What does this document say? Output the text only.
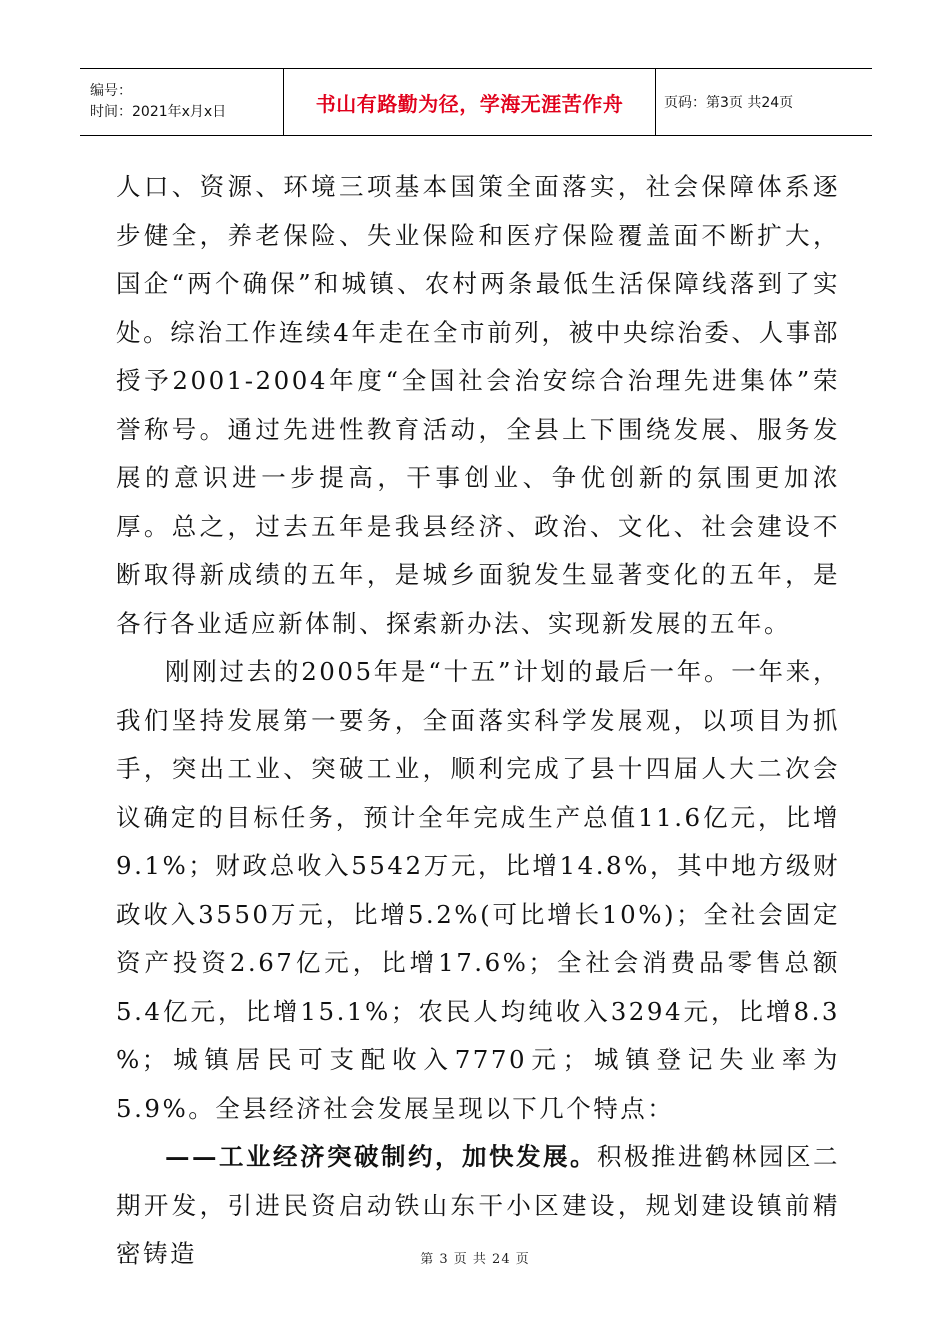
编号：
时间：2021年x月x日	书山有路勤为径，学海无涯苦作舟	页码：第3页 共24页

人口、资源、环境三项基本国策全面落实，社会保障体系逐步健全，养老保险、失业保险和医疗保险覆盖面不断扩大，国企“两个确保”和城镇、农村两条最低生活保障线落到了实处。综治工作连续4年走在全市前列，被中央综治委、人事部授予2001-2004年度“全国社会治安综合治理先进集体”荣誉称号。通过先进性教育活动，全县上下围绕发展、服务发展的意识进一步提高，干事创业、争优创新的氛围更加浓厚。总之，过去五年是我县经济、政治、文化、社会建设不断取得新成绩的五年，是城乡面貌发生显著变化的五年，是各行各业适应新体制、探索新办法、实现新发展的五年。

刚刚过去的2005年是“十五”计划的最后一年。一年来，我们坚持发展第一要务，全面落实科学发展观，以项目为抓手，突出工业、突破工业，顺利完成了县十四届人大二次会议确定的目标任务，预计全年完成生产总值11.6亿元，比增9.1%；财政总收入5542万元，比增14.8%，其中地方级财政收入3550万元，比增5.2%(可比增长10%)；全社会固定资产投资2.67亿元，比增17.6%；全社会消费品零售总额5.4亿元，比增15.1%；农民人均纯收入3294元，比增8.3 %；城镇居民可支配收入7770元；城镇登记失业率为5.9%。全县经济社会发展呈现以下几个特点：

——工业经济突破制约，加快发展。积极推进鹤林园区二期开发，引进民资启动铁山东干小区建设，规划建设镇前精密铸造	第 3 页 共 24 页
